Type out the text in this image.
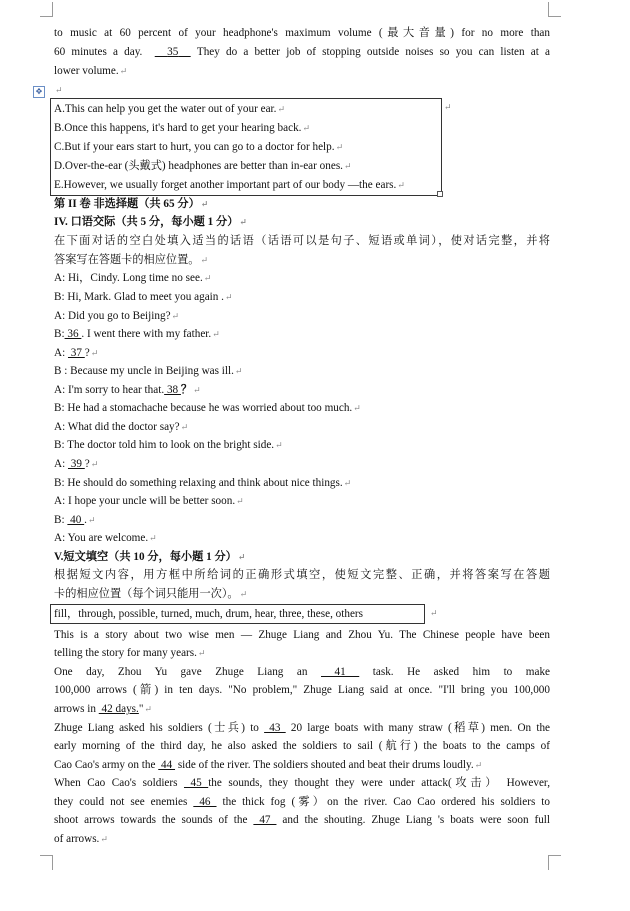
to music at 60 percent of your headphone's maximum volume (最大音量) for no more than
60 minutes a day. 35 They do a better job of stopping outside noises so you can listen at a
lower volume.↵
↵
✥
A.This can help you get the water out of your ear.↵
B.Once this happens, it's hard to get your hearing back.↵
C.But if your ears start to hurt, you can go to a doctor for help.↵
D.Over-the-ear (头戴式) headphones are better than in-ear ones.↵
E.However, we usually forget another important part of our body —the ears.↵
↵
第 II 卷 非选择题（共 65 分）↵
IV. 口语交际（共 5 分，每小题 1 分）↵
在下面对话的空白处填入适当的话语（话语可以是句子、短语或单词），使对话完整，并将
答案写在答题卡的相应位置。↵
A: Hi，Cindy. Long time no see.↵
B: Hi, Mark. Glad to meet you again .↵
A: Did you go to Beijing?↵
B: 36 . I went there with my father.↵
A:  37 ?↵
B : Because my uncle in Beijing was ill.↵
A: I'm sorry to hear that. 38 ？↵
B: He had a stomachache because he was worried about too much.↵
A: What did the doctor say?↵
B: The doctor told him to look on the bright side.↵
A:  39 ?↵
B: He should do something relaxing and think about nice things.↵
A: I hope your uncle will be better soon.↵
B:  40 .↵
A: You are welcome.↵
V.短文填空（共 10 分，每小题 1 分）↵
根据短文内容，用方框中所给词的正确形式填空，使短文完整、正确，并将答案写在答题
卡的相应位置（每个词只能用一次）。↵
fill，through, possible, turned, much, drum, hear, three, these, others	↵
This is a story about two wise men — Zhuge Liang and Zhou Yu. The Chinese people have been
telling the story for many years.↵
One day, Zhou Yu gave Zhuge Liang an  41  task. He asked him to make
100,000 arrows (箭) in ten days. "No problem," Zhuge Liang said at once. "I'll bring you 100,000
arrows in  42 days."↵
Zhuge Liang asked his soldiers (士兵) to  43  20 large boats with many straw (稻草) men. On the
early morning of the third day, he also asked the soldiers to sail (航行) the boats to the camps of
Cao Cao's army on the  44  side of the river. The soldiers shouted and beat their drums loudly.↵
When Cao Cao's soldiers  45 the sounds, they thought they were under attack(攻击） However,
they could not see enemies  46  the thick fog (雾）on the river. Cao Cao ordered his soldiers to
shoot arrows towards the sounds of the  47  and the shouting. Zhuge Liang 's boats were soon full
of arrows.↵
